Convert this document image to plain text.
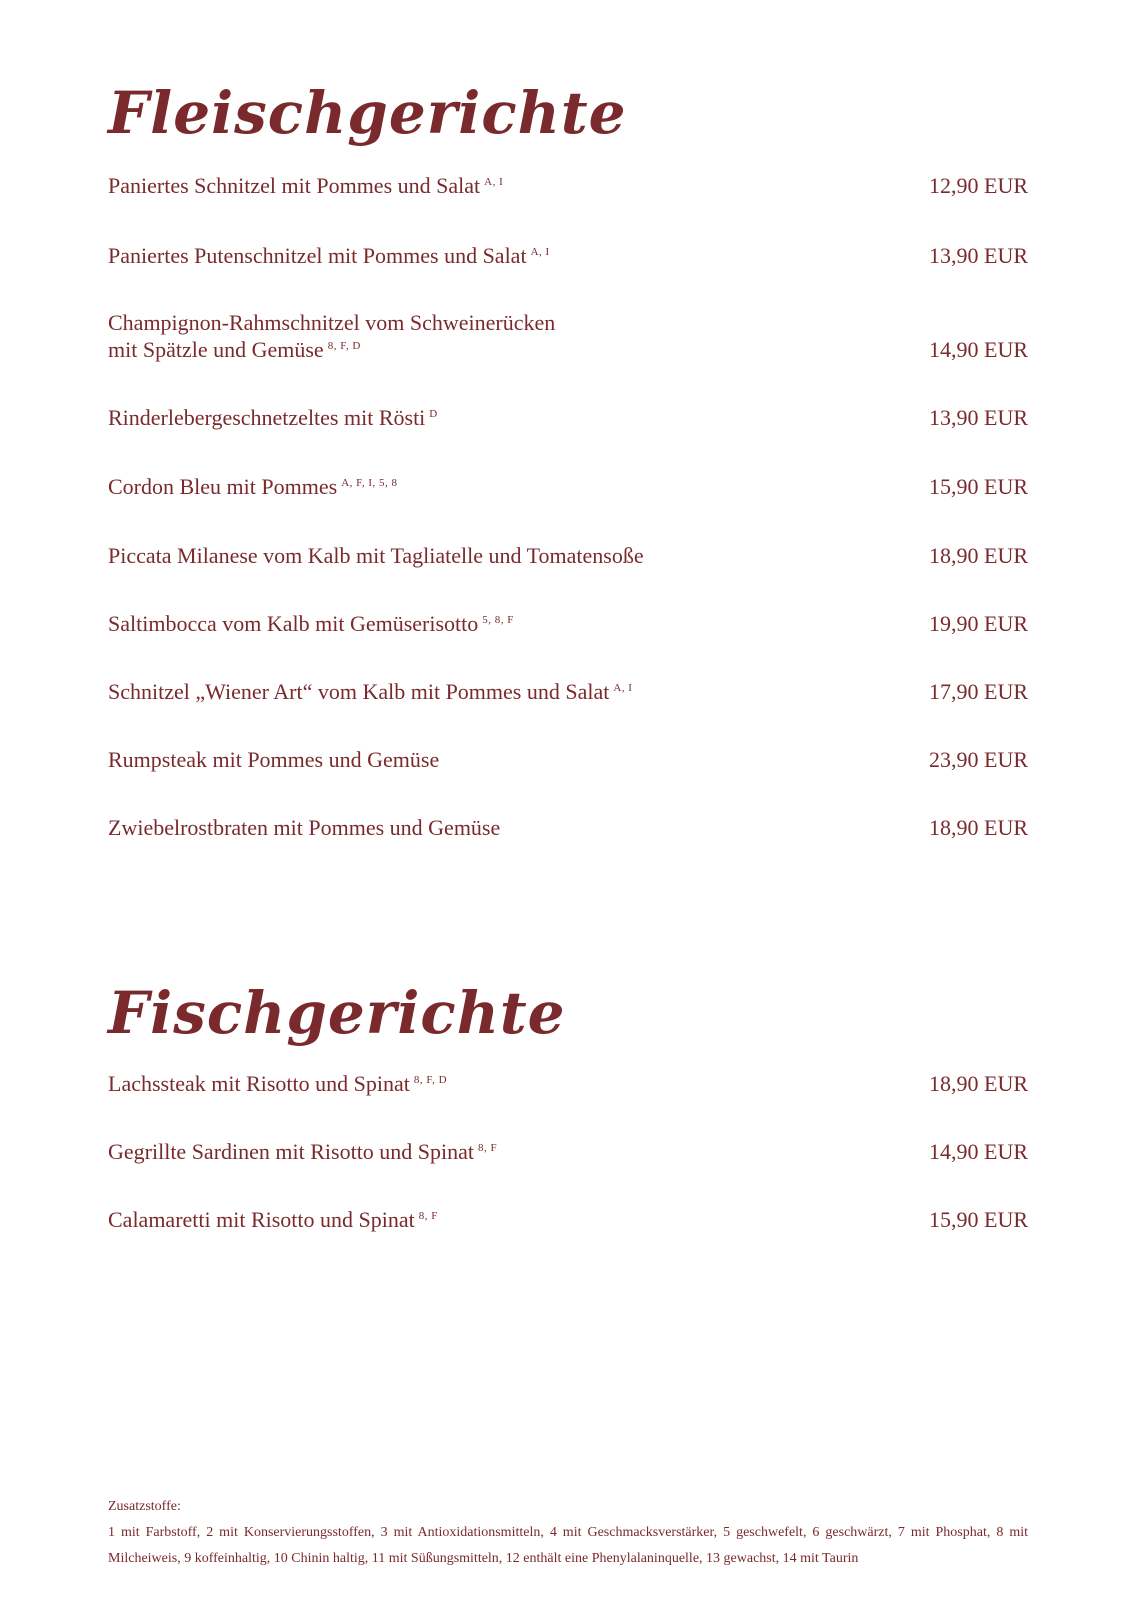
Fleischgerichte
Paniertes Schnitzel mit Pommes und Salat $^{A, I}$	12,90 EUR
Paniertes Putenschnitzel mit Pommes und Salat $^{A, I}$	13,90 EUR
Champignon-Rahmschnitzel vom Schweinerücken
mit Spätzle und Gemüse $^{8, F, D}$	14,90 EUR
Rinderlebergeschnetzeltes mit Rösti $^D$	13,90 EUR
Cordon Bleu mit Pommes $^{A, F, I, 5, 8}$	15,90 EUR
Piccata Milanese vom Kalb mit Tagliatelle und Tomatensoße	18,90 EUR
Saltimbocca vom Kalb mit Gemüserisotto $^{5, 8, F}$	19,90 EUR
Schnitzel „Wiener Art“ vom Kalb mit Pommes und Salat $^{A, I}$	17,90 EUR
Rumpsteak mit Pommes und Gemüse	23,90 EUR
Zwiebelrostbraten mit Pommes und Gemüse	18,90 EUR
Fischgerichte
Lachssteak mit Risotto und Spinat $^{8, F, D}$	18,90 EUR
Gegrillte Sardinen mit Risotto und Spinat $^{8, F}$	14,90 EUR
Calamaretti mit Risotto und Spinat $^{8, F}$	15,90 EUR
Zusatzstoffe:
1 mit Farbstoff, 2 mit Konservierungsstoffen, 3 mit Antioxidationsmitteln, 4 mit Geschmacksverstärker, 5 geschwefelt, 6 geschwärzt, 7 mit Phosphat, 8 mit Milcheiweis, 9 koffeinhaltig, 10 Chinin haltig, 11 mit Süßungsmitteln, 12 enthält eine Phenylalaninquelle, 13 gewachst, 14 mit Taurin
